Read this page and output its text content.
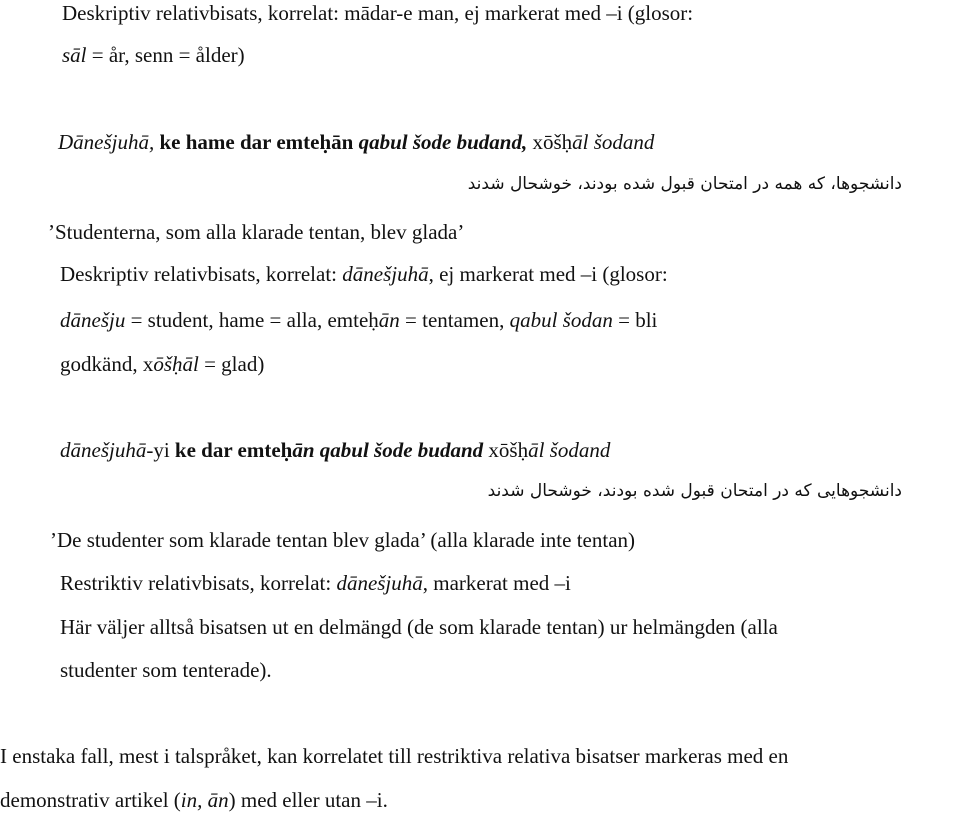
Deskriptiv relativbisats, korrelat: mādar-e man, ej markerat med –i (glosor:
sāl = år, senn = ålder)
Dānešjuhā, ke hame dar emteḥān qabul šode budand, xōšḥāl šodand
دانشجوها، که همه در امتحان قبول شده بودند، خوشحال شدند
’Studenterna, som alla klarade tentan, blev glada’
Deskriptiv relativbisats, korrelat: dānešjuhā, ej markerat med –i (glosor:
dānešju = student, hame = alla, emteḥān = tentamen, qabul šodan = bli
godkänd, xōšḥāl = glad)
dānešjuhā-yi ke dar emteḥān qabul šode budand xōšḥāl šodand
دانشجوهایی که در امتحان قبول شده بودند، خوشحال شدند
’De studenter som klarade tentan blev glada’ (alla klarade inte tentan)
Restriktiv relativbisats, korrelat: dānešjuhā, markerat med –i
Här väljer alltså bisatsen ut en delmängd (de som klarade tentan) ur helmängden (alla
studenter som tenterade).
I enstaka fall, mest i talspråket, kan korrelatet till restriktiva relativa bisatser markeras med en
demonstrativ artikel (in, ān) med eller utan –i.
